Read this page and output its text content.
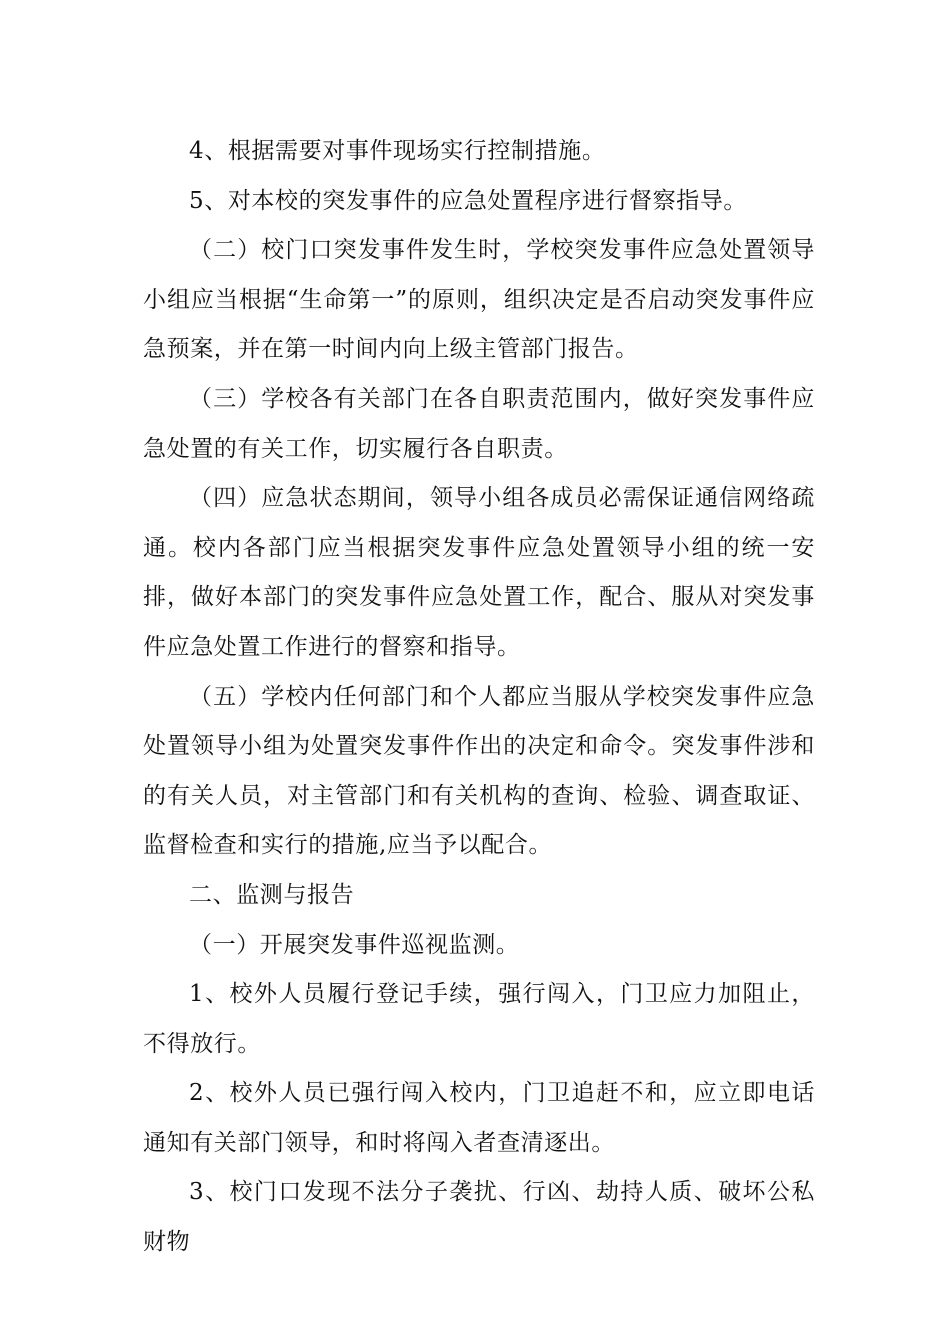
4、根据需要对事件现场实行控制措施。

5、对本校的突发事件的应急处置程序进行督察指导。

（二）校门口突发事件发生时，学校突发事件应急处置领导小组应当根据“生命第一”的原则，组织决定是否启动突发事件应急预案，并在第一时间内向上级主管部门报告。

（三）学校各有关部门在各自职责范围内，做好突发事件应急处置的有关工作，切实履行各自职责。

（四）应急状态期间，领导小组各成员必需保证通信网络疏通。校内各部门应当根据突发事件应急处置领导小组的统一安排，做好本部门的突发事件应急处置工作，配合、服从对突发事件应急处置工作进行的督察和指导。

（五）学校内任何部门和个人都应当服从学校突发事件应急处置领导小组为处置突发事件作出的决定和命令。突发事件涉和的有关人员，对主管部门和有关机构的查询、检验、调查取证、监督检查和实行的措施,应当予以配合。

二、监测与报告

（一）开展突发事件巡视监测。

1、校外人员履行登记手续，强行闯入，门卫应力加阻止，不得放行。

2、校外人员已强行闯入校内，门卫追赶不和，应立即电话通知有关部门领导，和时将闯入者查清逐出。

3、校门口发现不法分子袭扰、行凶、劫持人质、破坏公私财物
